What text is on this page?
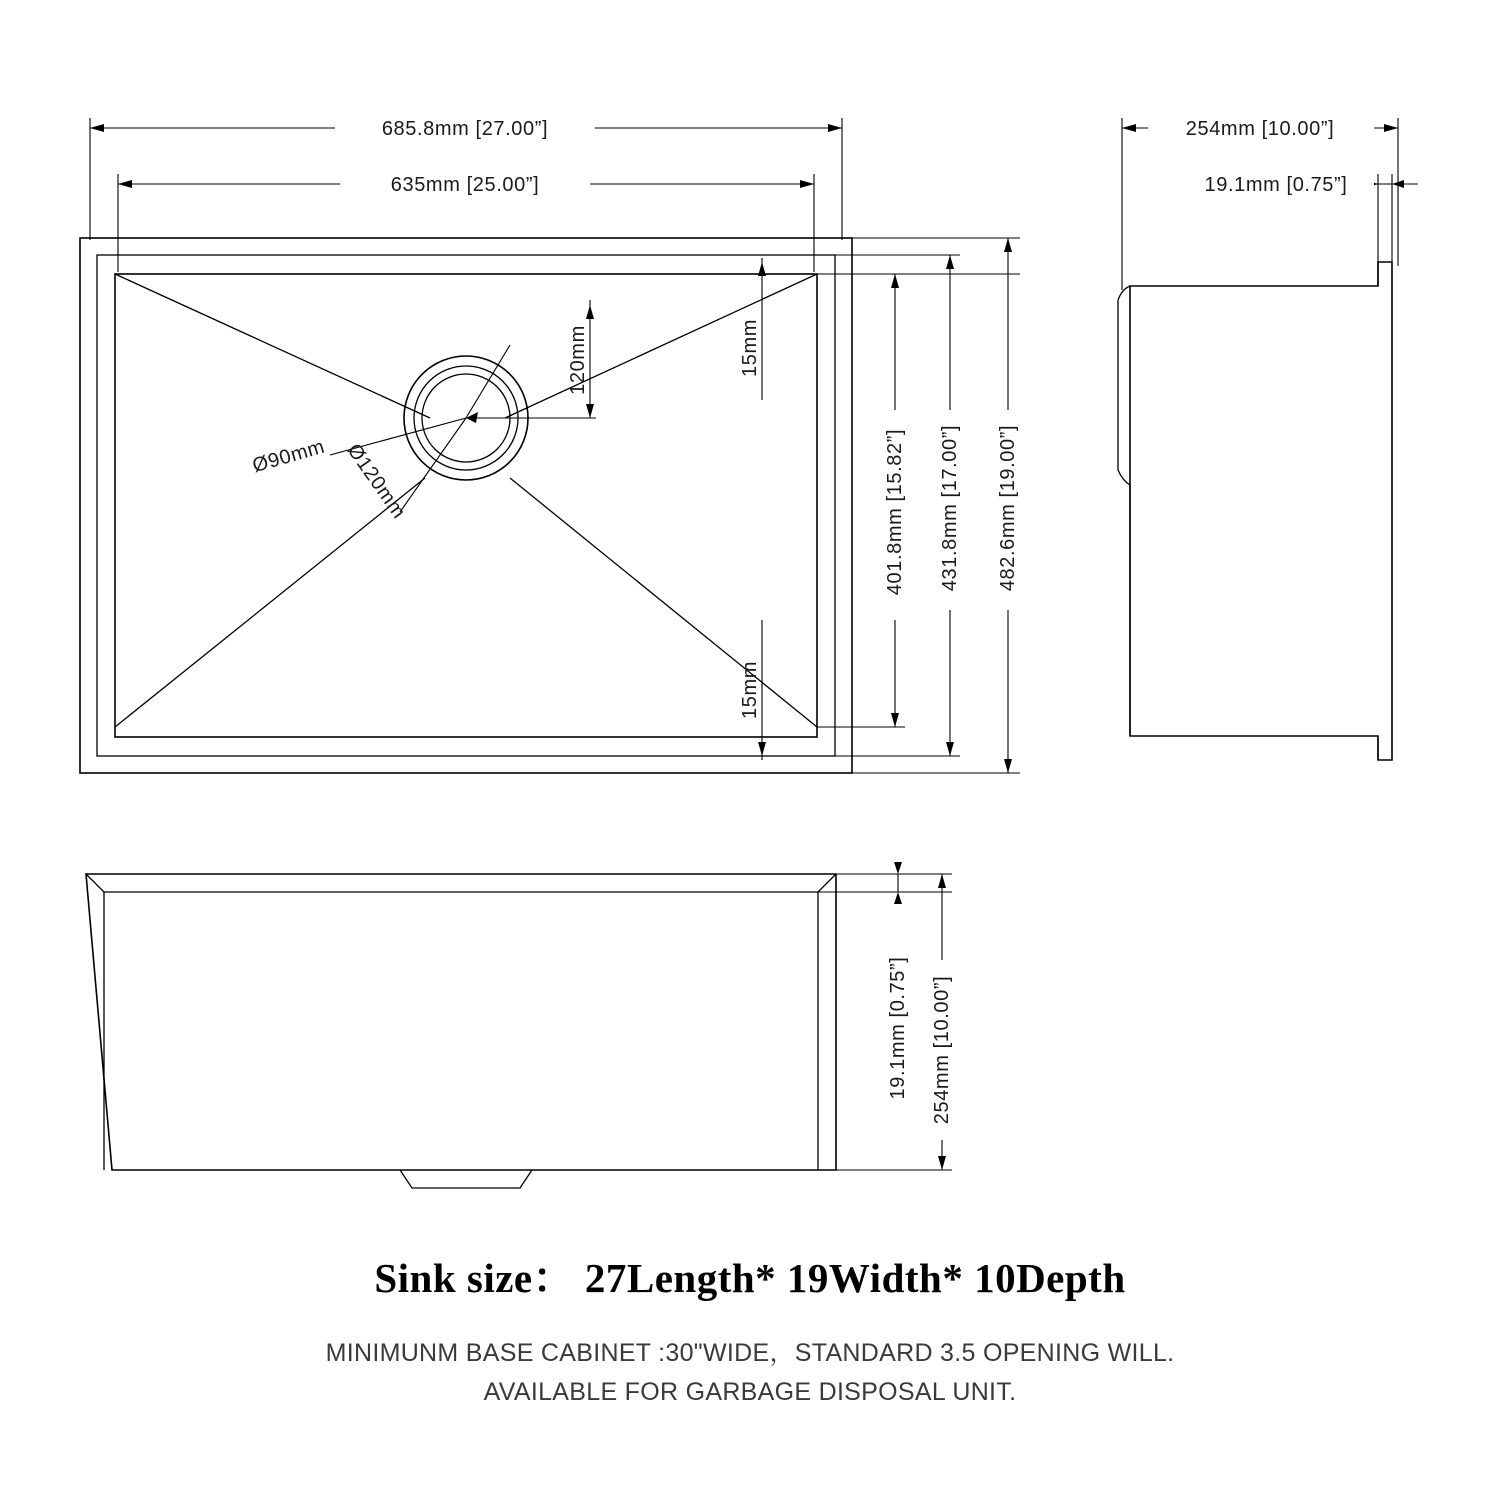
685.8mm [27.00”]
635mm [25.00”]
Ø90mm Ø120mm
120mm	15mm
15mm
401.8mm [15.82”] 431.8mm [17.00”] 482.6mm [19.00”]
254mm [10.00”]
19.1mm [0.75”]
19.1mm [0.75”] 254mm [10.00”]
Sink size： 27Length* 19Width* 10Depth
MINIMUNM BASE CABINET :30"WIDE，STANDARD 3.5 OPENING WILL.
AVAILABLE FOR GARBAGE DISPOSAL UNIT.
